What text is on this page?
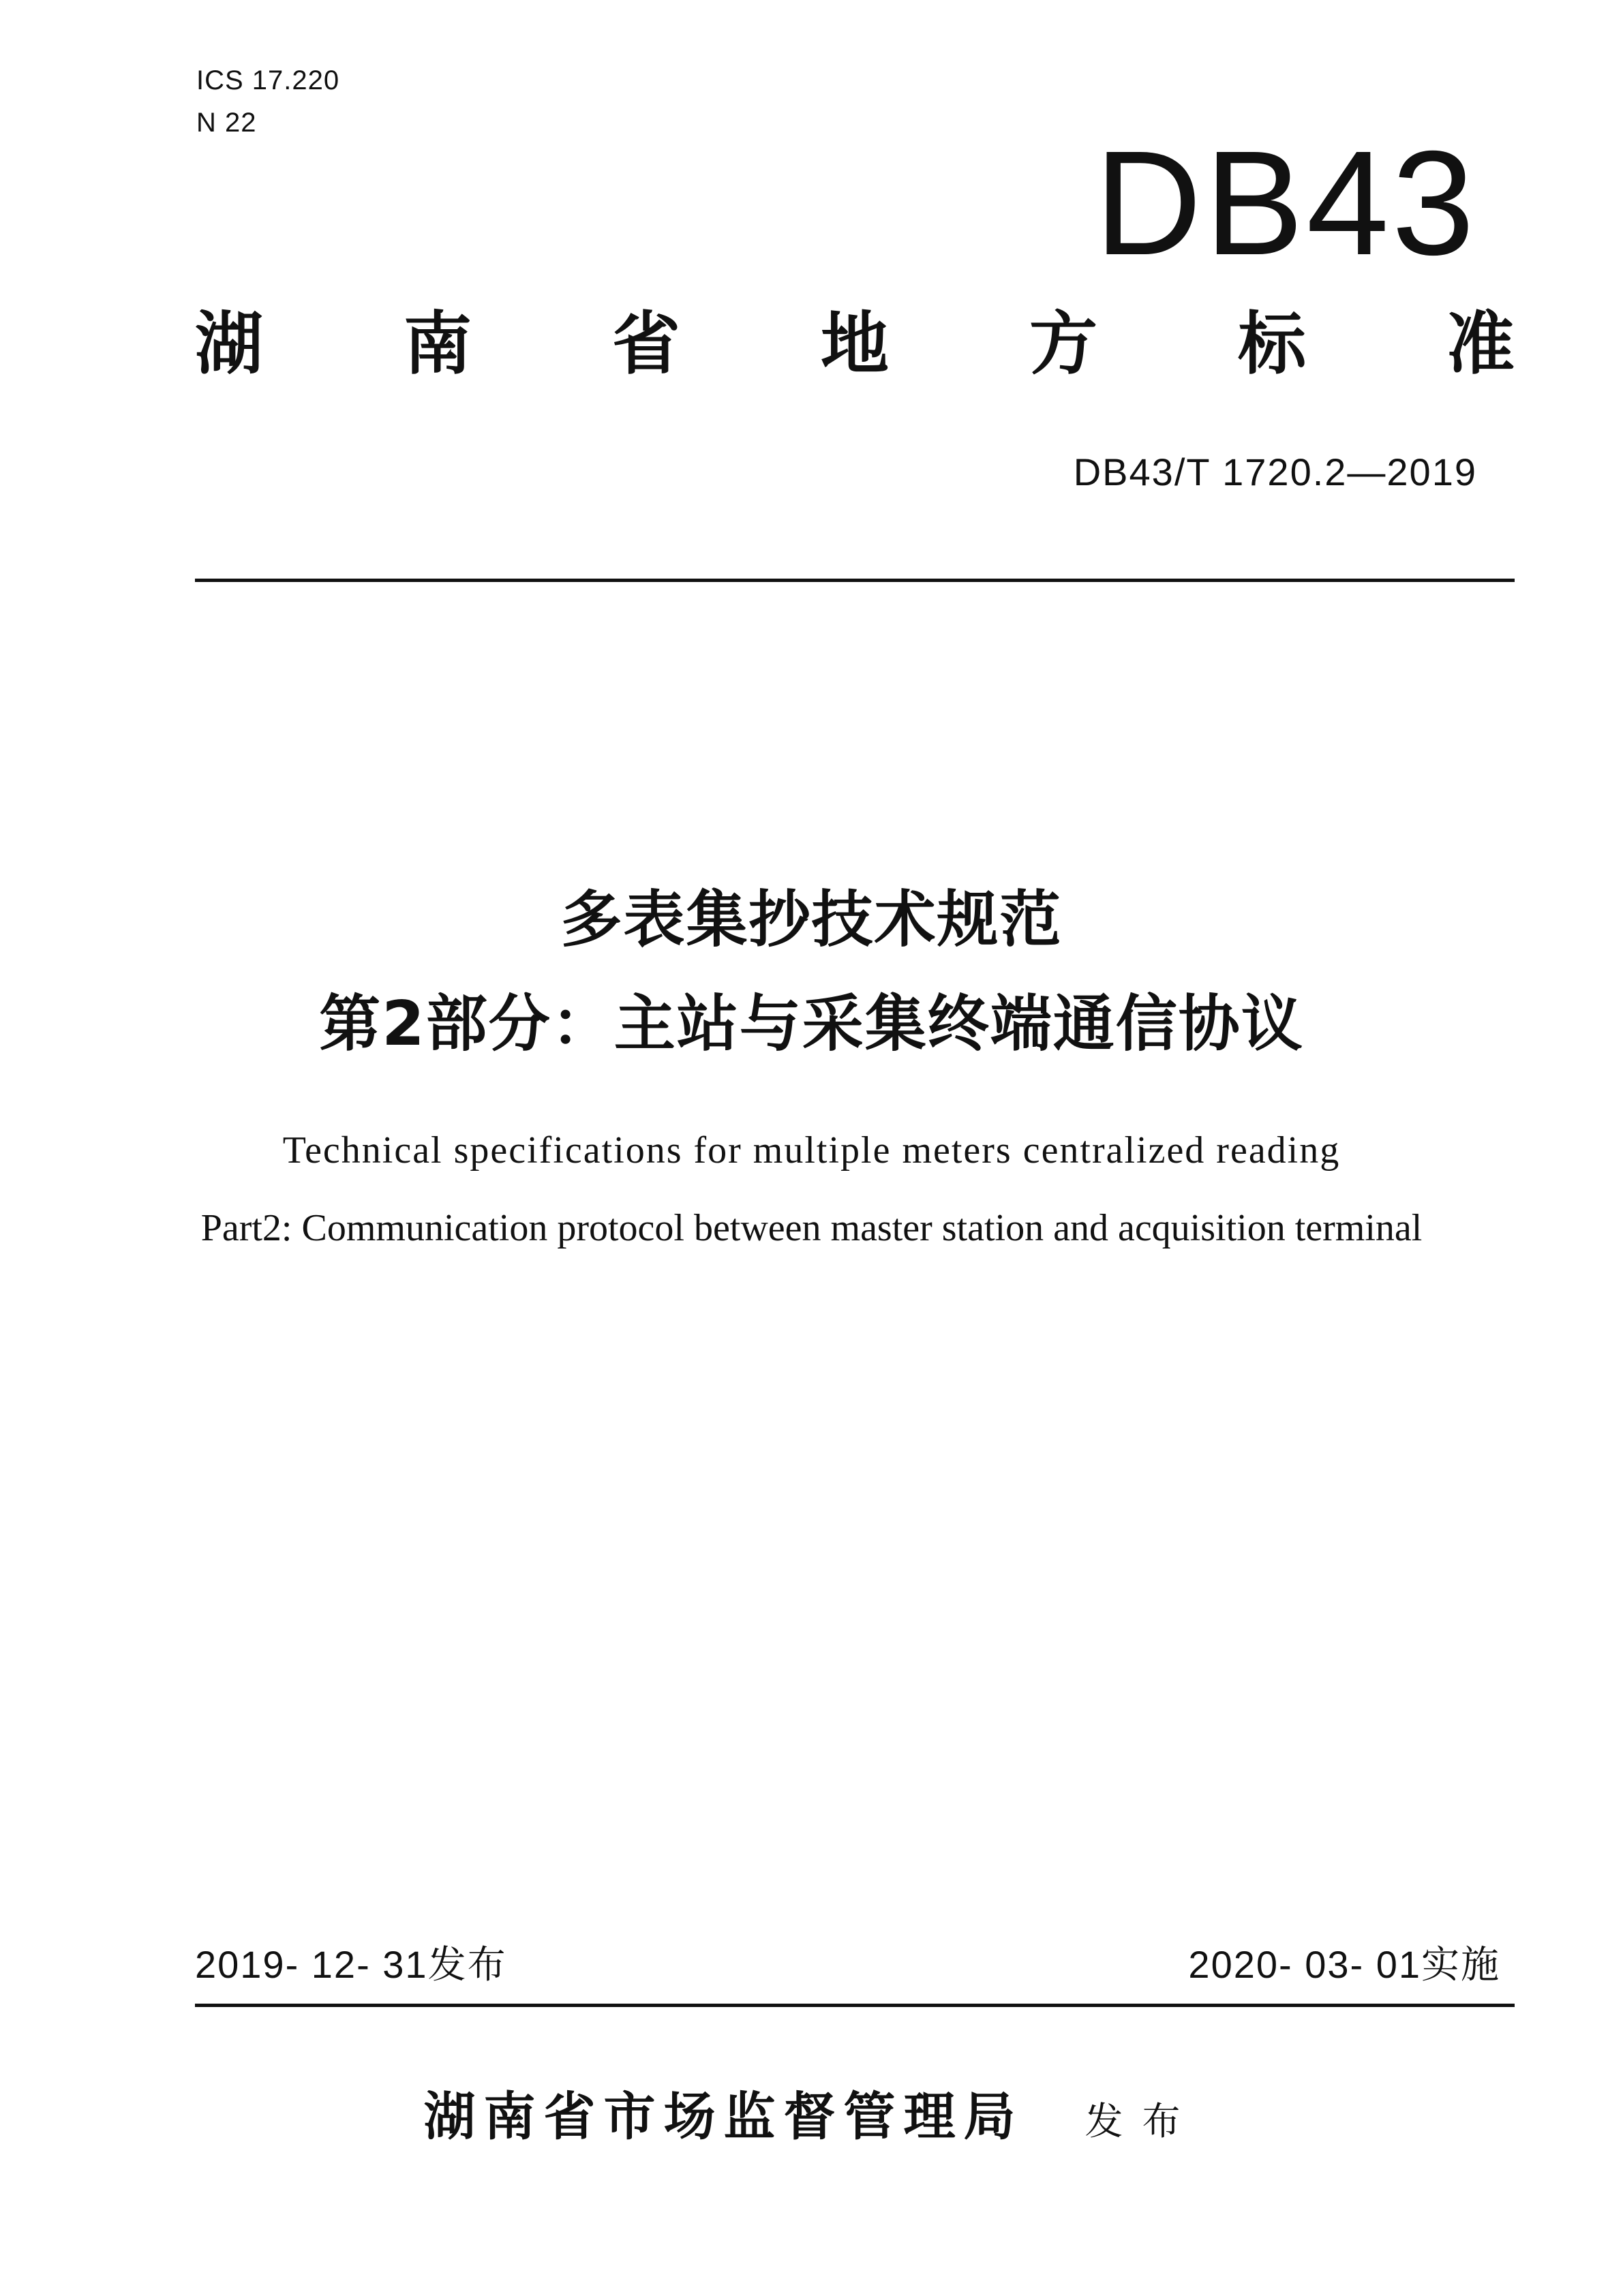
ICS 17.220
N 22	DB43
湖 南 省 地 方 标 准
DB43/T 1720.2—2019
多表集抄技术规范
第2部分：主站与采集终端通信协议
Technical specifications for multiple meters centralized reading
Part2: Communication protocol between master station and acquisition terminal
2019- 12- 31发布	2020- 03- 01实施
湖南省市场监督管理局 发布
